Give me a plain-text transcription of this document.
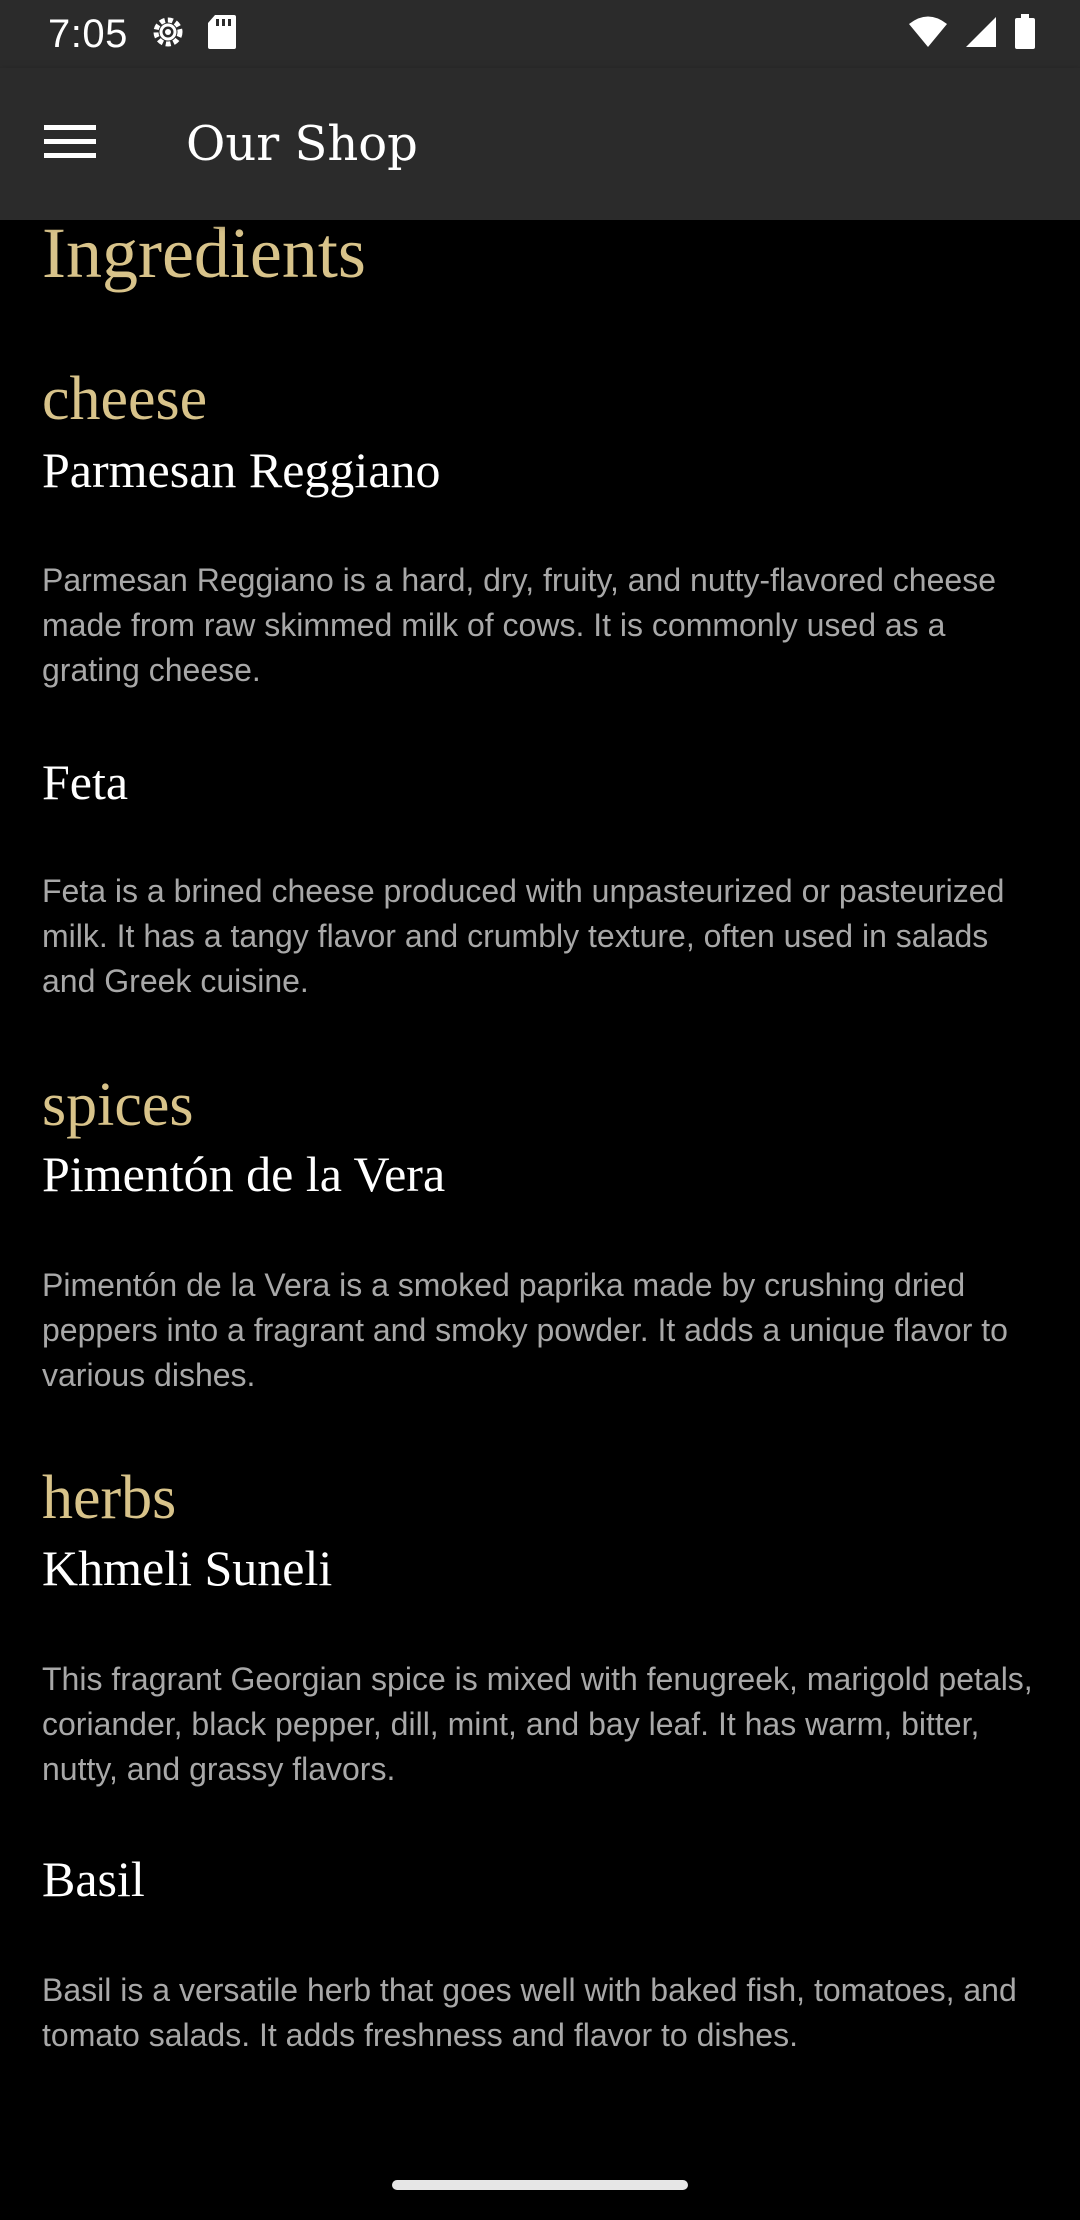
7:05
Our Shop
Ingredients
cheese
Parmesan Reggiano

Parmesan Reggiano is a hard, dry, fruity, and nutty-flavored cheese made from raw skimmed milk of cows. It is commonly used as a grating cheese.

Feta

Feta is a brined cheese produced with unpasteurized or pasteurized milk. It has a tangy flavor and crumbly texture, often used in salads and Greek cuisine.

spices
Pimentón de la Vera

Pimentón de la Vera is a smoked paprika made by crushing dried peppers into a fragrant and smoky powder. It adds a unique flavor to various dishes.

herbs
Khmeli Suneli

This fragrant Georgian spice is mixed with fenugreek, marigold petals, coriander, black pepper, dill, mint, and bay leaf. It has warm, bitter, nutty, and grassy flavors.

Basil

Basil is a versatile herb that goes well with baked fish, tomatoes, and tomato salads. It adds freshness and flavor to dishes.
